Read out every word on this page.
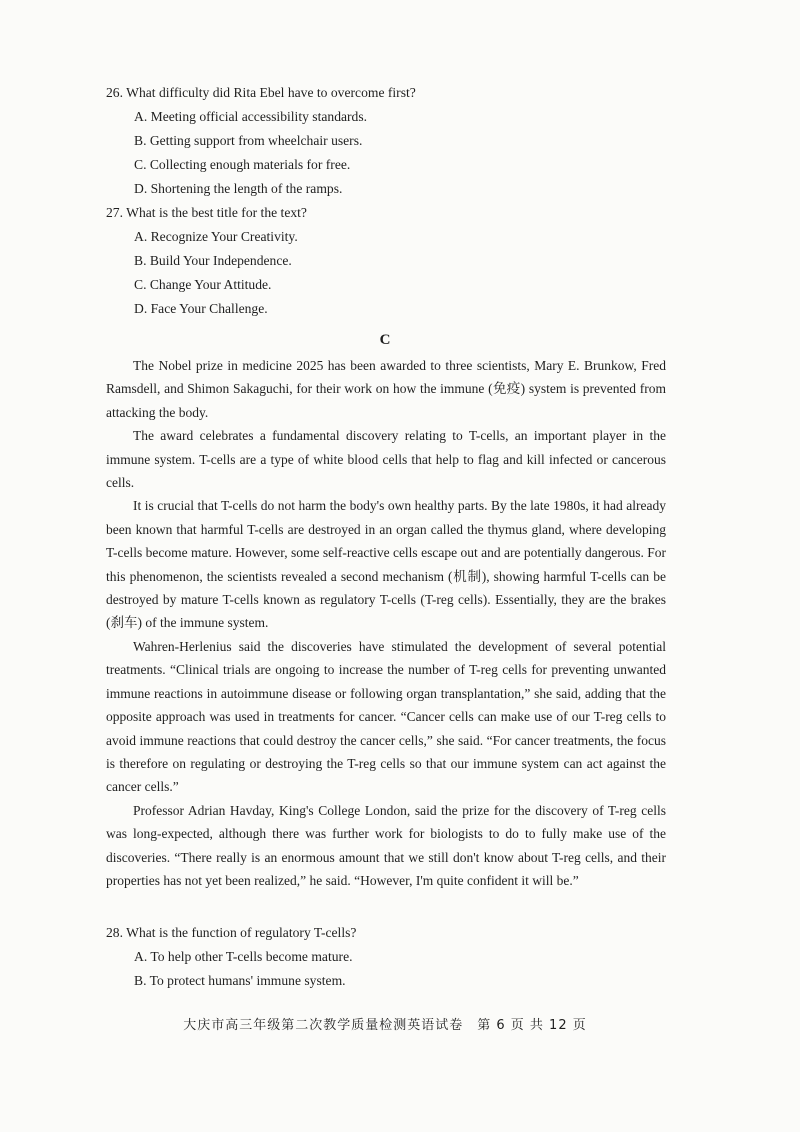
26. What difficulty did Rita Ebel have to overcome first?
A. Meeting official accessibility standards.
B. Getting support from wheelchair users.
C. Collecting enough materials for free.
D. Shortening the length of the ramps.
27. What is the best title for the text?
A. Recognize Your Creativity.
B. Build Your Independence.
C. Change Your Attitude.
D. Face Your Challenge.
C

The Nobel prize in medicine 2025 has been awarded to three scientists, Mary E. Brunkow, Fred Ramsdell, and Shimon Sakaguchi, for their work on how the immune (免疫) system is prevented from attacking the body.

The award celebrates a fundamental discovery relating to T-cells, an important player in the immune system. T-cells are a type of white blood cells that help to flag and kill infected or cancerous cells.

It is crucial that T-cells do not harm the body's own healthy parts. By the late 1980s, it had already been known that harmful T-cells are destroyed in an organ called the thymus gland, where developing T-cells become mature. However, some self-reactive cells escape out and are potentially dangerous. For this phenomenon, the scientists revealed a second mechanism (机制), showing harmful T-cells can be destroyed by mature T-cells known as regulatory T-cells (T-reg cells). Essentially, they are the brakes (刹车) of the immune system.

Wahren-Herlenius said the discoveries have stimulated the development of several potential treatments. “Clinical trials are ongoing to increase the number of T-reg cells for preventing unwanted immune reactions in autoimmune disease or following organ transplantation,” she said, adding that the opposite approach was used in treatments for cancer. “Cancer cells can make use of our T-reg cells to avoid immune reactions that could destroy the cancer cells,” she said. “For cancer treatments, the focus is therefore on regulating or destroying the T-reg cells so that our immune system can act against the cancer cells.”

Professor Adrian Havday, King's College London, said the prize for the discovery of T-reg cells was long-expected, although there was further work for biologists to do to fully make use of the discoveries. “There really is an enormous amount that we still don't know about T-reg cells, and their properties has not yet been realized,” he said. “However, I'm quite confident it will be.”

28. What is the function of regulatory T-cells?
A. To help other T-cells become mature.
B. To protect humans' immune system.
大庆市高三年级第二次教学质量检测英语试卷　第 6 页 共 12 页
